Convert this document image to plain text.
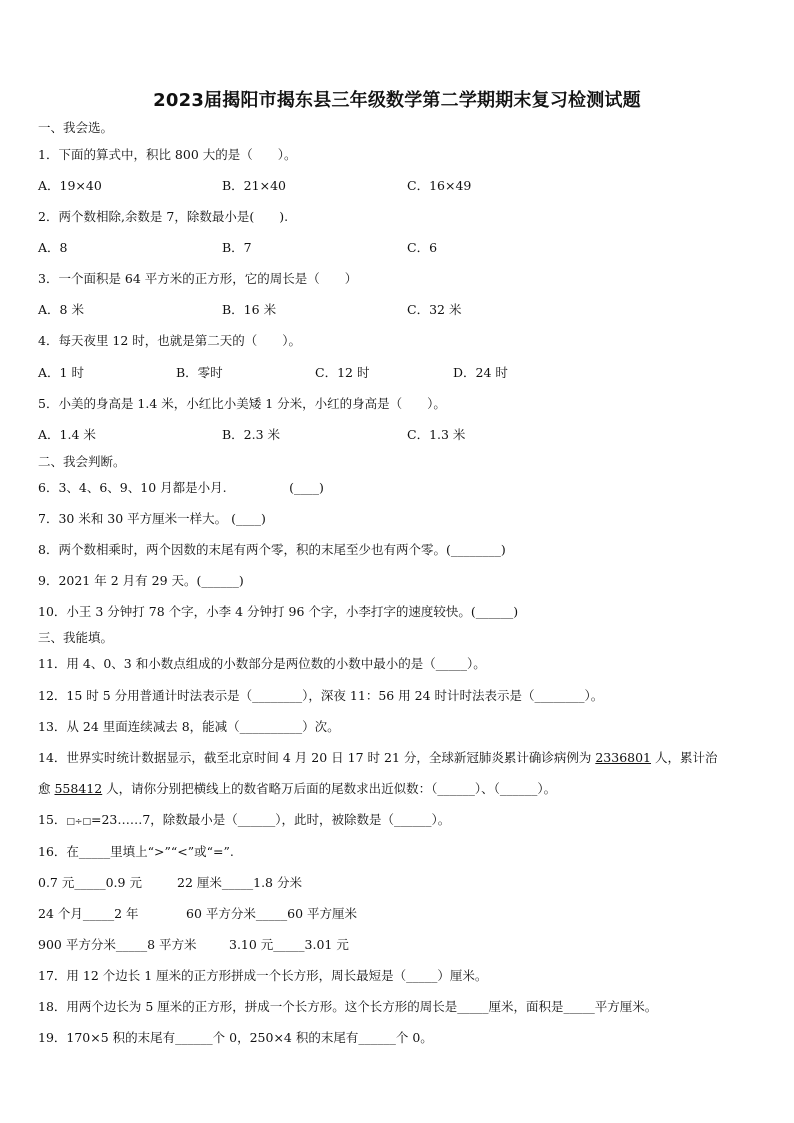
2023届揭阳市揭东县三年级数学第二学期期末复习检测试题
一、我会选。
1．下面的算式中，积比 800 大的是（　　）。
A．19×40	B．21×40	C．16×49
2．两个数相除,余数是 7，除数最小是(　　).
A．8	B．7	C．6
3．一个面积是 64 平方米的正方形，它的周长是（　　）
A．8 米	B．16 米	C．32 米
4．每天夜里 12 时，也就是第二天的（　　）。
A．1 时	B．零时	C．12 时	D．24 时
5．小美的身高是 1.4 米，小红比小美矮 1 分米，小红的身高是（　　）。
A．1.4 米	B．2.3 米	C．1.3 米
二、我会判断。
6．3、4、6、9、10 月都是小月.　　　　　(____)
7．30 米和 30 平方厘米一样大。 (____)
8．两个数相乘时，两个因数的末尾有两个零，积的末尾至少也有两个零。(________)
9．2021 年 2 月有 29 天。(______)
10．小王 3 分钟打 78 个字，小李 4 分钟打 96 个字，小李打字的速度较快。(______)
三、我能填。
11．用 4、0、3 和小数点组成的小数部分是两位数的小数中最小的是（_____）。
12．15 时 5 分用普通计时法表示是（________），深夜 11：56 用 24 时计时法表示是（________）。
13．从 24 里面连续减去 8，能减（__________）次。
14．世界实时统计数据显示，截至北京时间 4 月 20 日 17 时 21 分，全球新冠肺炎累计确诊病例为 2336801 人，累计治
愈 558412 人，请你分别把横线上的数省略万后面的尾数求出近似数：（______）、（______）。
15．□÷□=23……7，除数最小是（______），此时，被除数是（______）。
16．在_____里填上“>”“<”或“=”.
0.7 元_____0.9 元	22 厘米_____1.8 分米
24 个月_____2 年	60 平方分米_____60 平方厘米
900 平方分米_____8 平方米	3.10 元_____3.01 元
17．用 12 个边长 1 厘米的正方形拼成一个长方形，周长最短是（_____）厘米。
18．用两个边长为 5 厘米的正方形，拼成一个长方形。这个长方形的周长是_____厘米，面积是_____平方厘米。
19．170×5 积的末尾有______个 0，250×4 积的末尾有______个 0。
